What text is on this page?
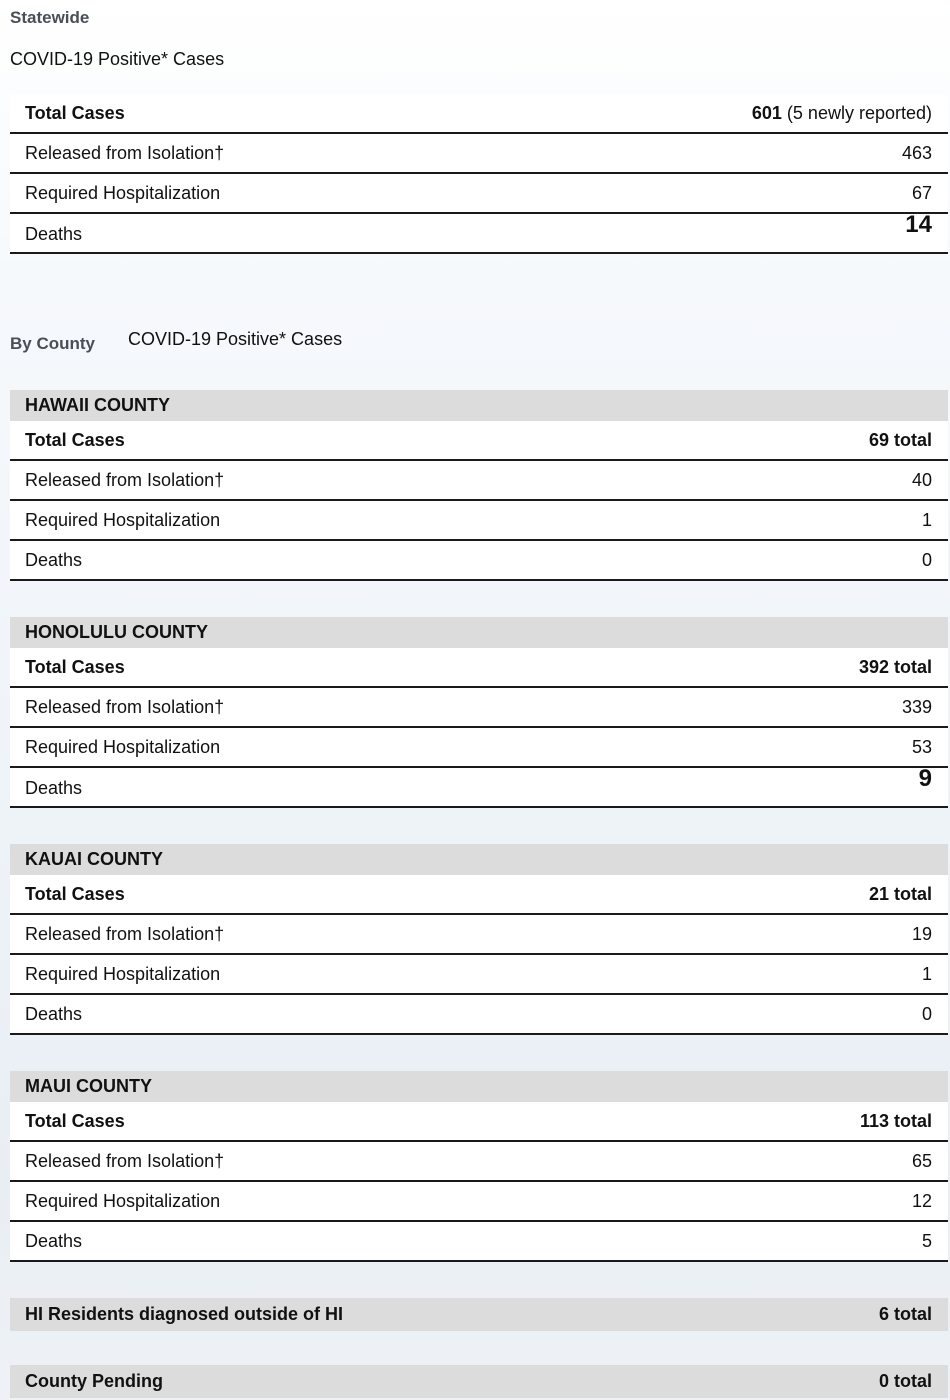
Statewide
COVID-19 Positive* Cases
Total Cases	601 (5 newly reported)
Released from Isolation†	463
Required Hospitalization	67
Deaths	14
By County COVID-19 Positive* Cases
HAWAII COUNTY
Total Cases	69 total
Released from Isolation†	40
Required Hospitalization	1
Deaths	0
HONOLULU COUNTY
Total Cases	392 total
Released from Isolation†	339
Required Hospitalization	53
Deaths	9
KAUAI COUNTY
Total Cases	21 total
Released from Isolation†	19
Required Hospitalization	1
Deaths	0
MAUI COUNTY
Total Cases	113 total
Released from Isolation†	65
Required Hospitalization	12
Deaths	5
HI Residents diagnosed outside of HI	6 total
County Pending	0 total
